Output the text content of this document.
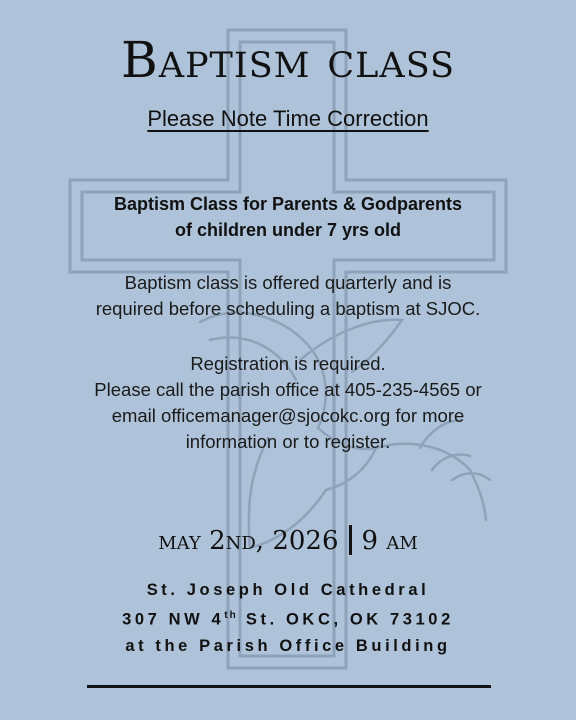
Baptism class
Please Note Time Correction
Baptism Class for Parents & Godparents
of children under 7 yrs old
Baptism class is offered quarterly and is
required before scheduling a baptism at SJOC.
Registration is required.
Please call the parish office at 405-235-4565 or
email officemanager@sjocokc.org for more
information or to register.
may 2nd, 2026 9 am
St. Joseph Old Cathedral
307 NW 4th St. OKC, OK 73102
at the Parish Office Building
